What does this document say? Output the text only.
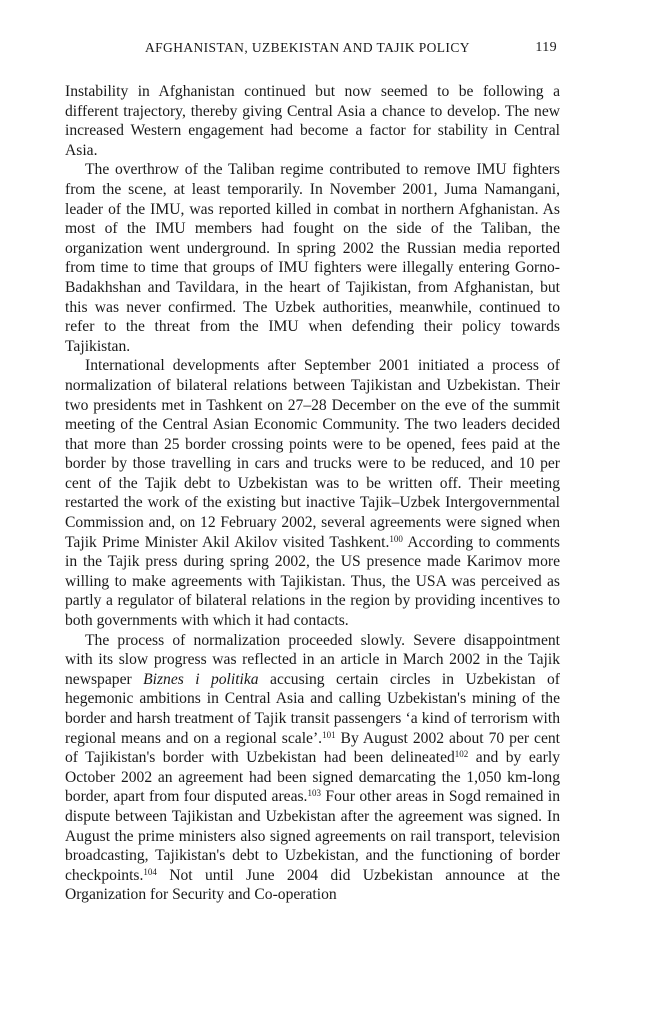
AFGHANISTAN, UZBEKISTAN AND TAJIK POLICY	119

Instability in Afghanistan continued but now seemed to be following a different trajectory, thereby giving Central Asia a chance to develop. The new increased Western engagement had become a factor for stability in Central Asia.

The overthrow of the Taliban regime contributed to remove IMU fighters from the scene, at least temporarily. In November 2001, Juma Namangani, leader of the IMU, was reported killed in combat in northern Afghanistan. As most of the IMU members had fought on the side of the Taliban, the organization went underground. In spring 2002 the Russian media reported from time to time that groups of IMU fighters were illegally entering Gorno-Badakhshan and Tavildara, in the heart of Tajikistan, from Afghanistan, but this was never confirmed. The Uzbek authorities, meanwhile, continued to refer to the threat from the IMU when defending their policy towards Tajikistan.

International developments after September 2001 initiated a process of normalization of bilateral relations between Tajikistan and Uzbekistan. Their two presidents met in Tashkent on 27–28 December on the eve of the summit meeting of the Central Asian Economic Community. The two leaders decided that more than 25 border crossing points were to be opened, fees paid at the border by those travelling in cars and trucks were to be reduced, and 10 per cent of the Tajik debt to Uzbekistan was to be written off. Their meeting restarted the work of the existing but inactive Tajik–Uzbek Intergovernmental Commission and, on 12 February 2002, several agreements were signed when Tajik Prime Minister Akil Akilov visited Tashkent.$^{100}$ According to comments in the Tajik press during spring 2002, the US presence made Karimov more willing to make agreements with Tajikistan. Thus, the USA was perceived as partly a regulator of bilateral relations in the region by providing incentives to both governments with which it had contacts.

The process of normalization proceeded slowly. Severe disappointment with its slow progress was reflected in an article in March 2002 in the Tajik newspaper Biznes i politika accusing certain circles in Uzbekistan of hegemonic ambitions in Central Asia and calling Uzbekistan's mining of the border and harsh treatment of Tajik transit passengers ‘a kind of terrorism with regional means and on a regional scale’.$^{101}$ By August 2002 about 70 per cent of Tajikistan's border with Uzbekistan had been delineated$^{102}$ and by early October 2002 an agreement had been signed demarcating the 1,050 km-long border, apart from four disputed areas.$^{103}$ Four other areas in Sogd remained in dispute between Tajikistan and Uzbekistan after the agreement was signed. In August the prime ministers also signed agreements on rail transport, television broadcasting, Tajikistan's debt to Uzbekistan, and the functioning of border checkpoints.$^{104}$ Not until June 2004 did Uzbekistan announce at the Organization for Security and Co-operation
